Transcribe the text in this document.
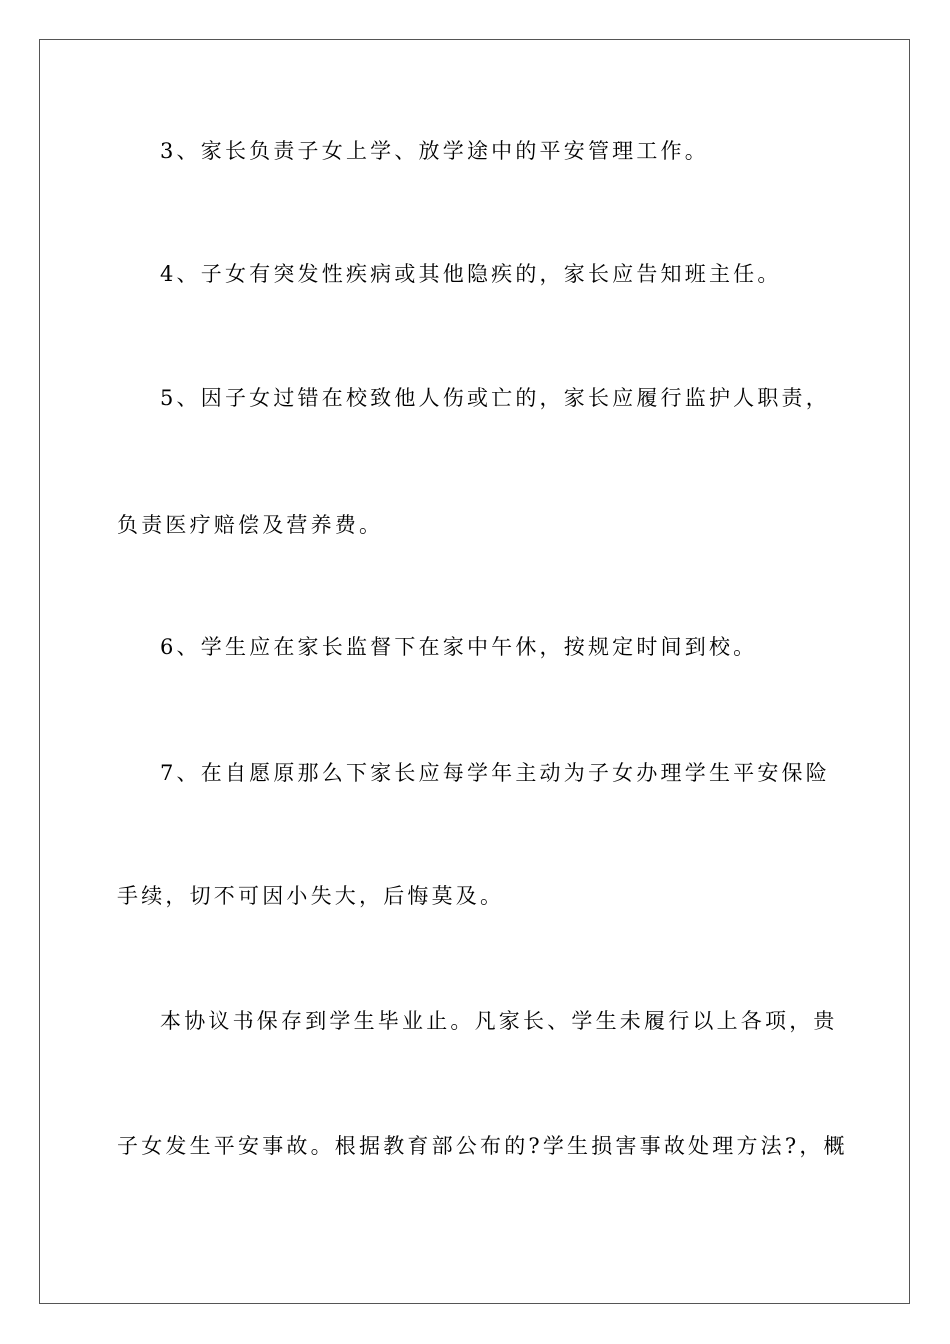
3、家长负责子女上学、放学途中的平安管理工作。
4、子女有突发性疾病或其他隐疾的，家长应告知班主任。
5、因子女过错在校致他人伤或亡的，家长应履行监护人职责，
负责医疗赔偿及营养费。
6、学生应在家长监督下在家中午休，按规定时间到校。
7、在自愿原那么下家长应每学年主动为子女办理学生平安保险
手续，切不可因小失大，后悔莫及。
本协议书保存到学生毕业止。凡家长、学生未履行以上各项，贵
子女发生平安事故。根据教育部公布的?学生损害事故处理方法?，概
